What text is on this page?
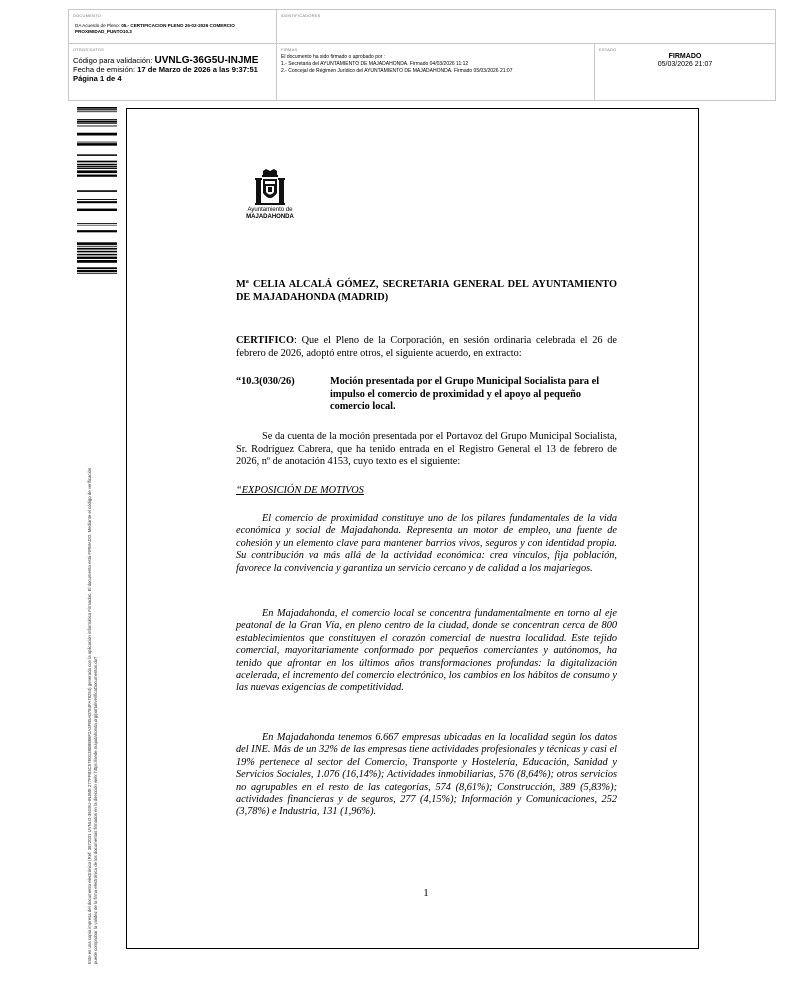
DOCUMENTO
DA Acuerdo de Pleno: 05.- CERTIFICACION PLENO 26-02-2026 COMERCIO PROXIMIDAD_PUNTO10.3
IDENTIFICADORES
OTROS DATOS
Código para validación: UVNLG-36G5U-INJME
Fecha de emisión: 17 de Marzo de 2026 a las 9:37:51
Página 1 de 4
FIRMAS
El documento ha sido firmado o aprobado por :
1.- Secretaria del AYUNTAMIENTO DE MAJADAHONDA. Firmado 04/03/2026 11:12
2.- Concejal de Régimen Jurídico del AYUNTAMIENTO DE MAJADAHONDA. Firmado 05/03/2026 21:07
ESTADO
FIRMADO
05/03/2026 21:07
Este es una copia impresa del documento electrónico (Ref: 3872031 UVNLG-36G5U-INJME 277FFB3C57E01380B886F2A3FB5A0784FA78254) generada con la aplicación informática Firmadoc. El documento está FIRMADO. Mediante el código de verificación puede comprobar la validez de la firma electrónica de los documentos firmados en la dirección web: https://sede.majadahonda.org/portal/verificaDocumentos.do?
Ayuntamiento de
MAJADAHONDA
Mª CELIA ALCALÁ GÓMEZ, SECRETARIA GENERAL DEL AYUNTAMIENTO DE MAJADAHONDA (MADRID)
CERTIFICO: Que el Pleno de la Corporación, en sesión ordinaria celebrada el 26 de febrero de 2026, adoptó entre otros, el siguiente acuerdo, en extracto:
“10.3(030/26)	Moción presentada por el Grupo Municipal Socialista para el impulso el comercio de proximidad y el apoyo al pequeño comercio local.
Se da cuenta de la moción presentada por el Portavoz del Grupo Municipal Socialista, Sr. Rodríguez Cabrera, que ha tenido entrada en el Registro General el 13 de febrero de 2026, nº de anotación 4153, cuyo texto es el siguiente:
“EXPOSICIÓN DE MOTIVOS
El comercio de proximidad constituye uno de los pilares fundamentales de la vida económica y social de Majadahonda. Representa un motor de empleo, una fuente de cohesión y un elemento clave para mantener barrios vivos, seguros y con identidad propia. Su contribución va más allá de la actividad económica: crea vínculos, fija población, favorece la convivencia y garantiza un servicio cercano y de calidad a los majariegos.
En Majadahonda, el comercio local se concentra fundamentalmente en torno al eje peatonal de la Gran Vía, en pleno centro de la ciudad, donde se concentran cerca de 800 establecimientos que constituyen el corazón comercial de nuestra localidad. Este tejido comercial, mayoritariamente conformado por pequeños comerciantes y autónomos, ha tenido que afrontar en los últimos años transformaciones profundas: la digitalización acelerada, el incremento del comercio electrónico, los cambios en los hábitos de consumo y las nuevas exigencias de competitividad.
En Majadahonda tenemos 6.667 empresas ubicadas en la localidad según los datos del INE. Más de un 32% de las empresas tiene actividades profesionales y técnicas y casi el 19% pertenece al sector del Comercio, Transporte y Hostelería, Educación, Sanidad y Servicios Sociales, 1.076 (16,14%); Actividades inmobiliarias, 576 (8,64%); otros servicios no agrupables en el resto de las categorías, 574 (8,61%); Construcción, 389 (5,83%); actividades financieras y de seguros, 277 (4,15%); Información y Comunicaciones, 252 (3,78%) e Industria, 131 (1,96%).
1
